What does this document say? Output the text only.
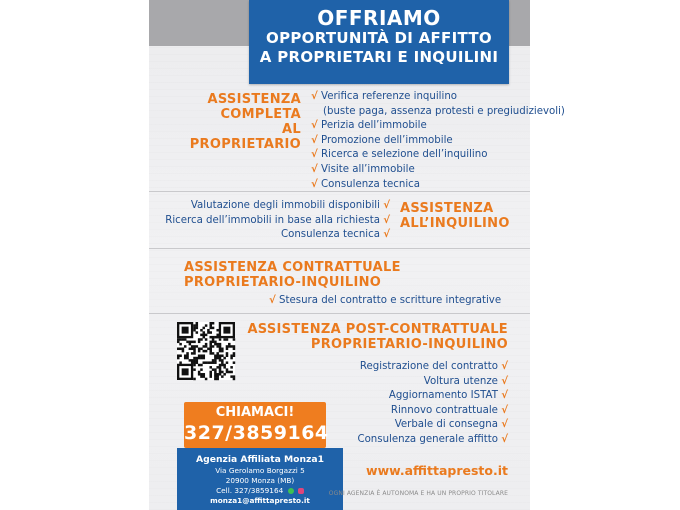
OFFRIAMO
OPPORTUNITÀ DI AFFITTO
A PROPRIETARI E INQUILINI
ASSISTENZA
COMPLETA
AL PROPRIETARIO
√ Verifica referenze inquilino
(buste paga, assenza protesti e pregiudizievoli)
√ Perizia dell’immobile
√ Promozione dell’immobile
√ Ricerca e selezione dell’inquilino
√ Visite all’immobile
√ Consulenza tecnica
Valutazione degli immobili disponibili √
Ricerca dell’immobili in base alla richiesta √
Consulenza tecnica √
ASSISTENZA
ALL’INQUILINO
ASSISTENZA CONTRATTUALE
PROPRIETARIO-INQUILINO
√ Stesura del contratto e scritture integrative
ASSISTENZA POST-CONTRATTUALE
PROPRIETARIO-INQUILINO
Registrazione del contratto √
Voltura utenze √
Aggiornamento ISTAT √
Rinnovo contrattuale √
Verbale di consegna √
Consulenza generale affitto √
CHIAMACI!
327/3859164
Agenzia Affiliata Monza1
Via Gerolamo Borgazzi 5
20900 Monza (MB)
Cell. 327/3859164
monza1@affittapresto.it
www.affittapresto.it
OGNI AGENZIA È AUTONOMA E HA UN PROPRIO TITOLARE
